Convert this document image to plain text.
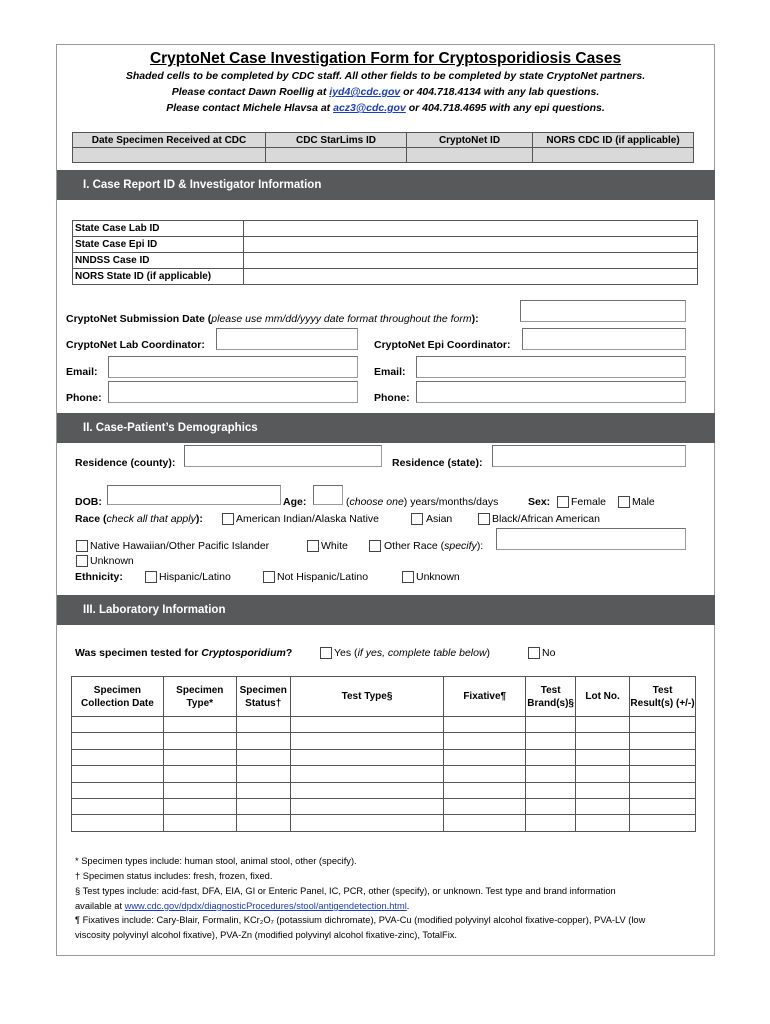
CryptoNet Case Investigation Form for Cryptosporidiosis Cases
Shaded cells to be completed by CDC staff. All other fields to be completed by state CryptoNet partners.
Please contact Dawn Roellig at iyd4@cdc.gov or 404.718.4134 with any lab questions.
Please contact Michele Hlavsa at acz3@cdc.gov or 404.718.4695 with any epi questions.
Date Specimen Received at CDC	CDC StarLims ID	CryptoNet ID	NORS CDC ID (if applicable)

I. Case Report ID & Investigator Information
State Case Lab ID	
State Case Epi ID	
NNDSS Case ID	
NORS State ID (if applicable)	
CryptoNet Submission Date (please use mm/dd/yyyy date format throughout the form):
CryptoNet Lab Coordinator:	CryptoNet Epi Coordinator:
Email:	Email:
Phone:	Phone:
II. Case-Patient’s Demographics
Residence (county):	Residence (state):
DOB:	Age:	(choose one) years/months/days	Sex: Female Male
Race (check all that apply):	American Indian/Alaska Native	Asian	Black/African American
Native Hawaiian/Other Pacific Islander	White	Other Race (specify):
Unknown
Ethnicity:	Hispanic/Latino	Not Hispanic/Latino	Unknown
III. Laboratory Information
Was specimen tested for Cryptosporidium?	Yes (if yes, complete table below)	No
Specimen Collection Date	Specimen Type*	Specimen Status†	Test Type§	Fixative¶	Test Brand(s)§	Lot No.	Test Result(s) (+/-)

* Specimen types include: human stool, animal stool, other (specify).
† Specimen status includes: fresh, frozen, fixed.
§ Test types include: acid-fast, DFA, EIA, GI or Enteric Panel, IC, PCR, other (specify), or unknown. Test type and brand information
available at www.cdc.gov/dpdx/diagnosticProcedures/stool/antigendetection.html.
¶ Fixatives include: Cary-Blair, Formalin, KCr₂O₇ (potassium dichromate), PVA-Cu (modified polyvinyl alcohol fixative-copper), PVA-LV (low
viscosity polyvinyl alcohol fixative), PVA-Zn (modified polyvinyl alcohol fixative-zinc), TotalFix.
